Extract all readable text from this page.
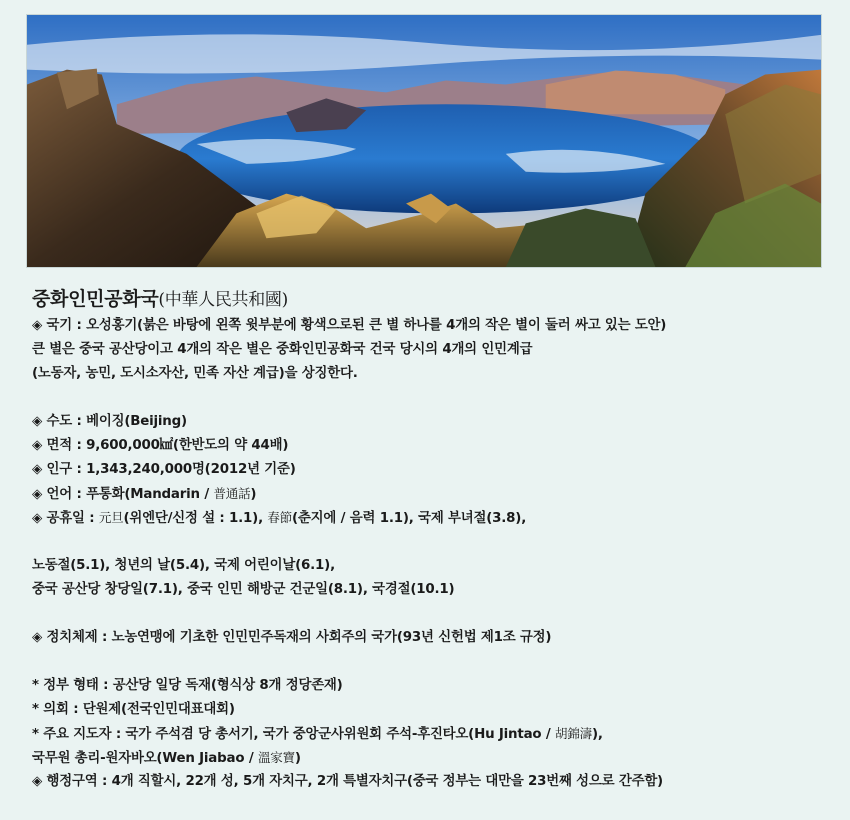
중화인민공화국(中華人民共和國)
◈ 국기 : 오성홍기(붉은 바탕에 왼쪽 윗부분에 황색으로된 큰 별 하나를 4개의 작은 별이 둘러 싸고 있는 도안)
큰 별은 중국 공산당이고 4개의 작은 별은 중화인민공화국 건국 당시의 4개의 인민계급
(노동자, 농민, 도시소자산, 민족 자산 계급)을 상징한다.
◈ 수도 : 베이징(Beijing)
◈ 면적 : 9,600,000㎢(한반도의 약 44배)
◈ 인구 : 1,343,240,000명(2012년 기준)
◈ 언어 : 푸통화(Mandarin / 普通話)
◈ 공휴일 : 元旦(위엔단/신정 설 : 1.1), 春節(춘지에 / 음력 1.1), 국제 부녀절(3.8),
노동절(5.1), 청년의 날(5.4), 국제 어린이날(6.1),
중국 공산당 창당일(7.1), 중국 인민 해방군 건군일(8.1), 국경절(10.1)
◈ 정치체제 : 노농연맹에 기초한 인민민주독재의 사회주의 국가(93년 신헌법 제1조 규정)
* 정부 형태 : 공산당 일당 독재(형식상 8개 정당존재)
* 의회 : 단원제(전국인민대표대회)
* 주요 지도자 : 국가 주석겸 당 총서기, 국가 중앙군사위원회 주석-후진타오(Hu Jintao / 胡錦濤),
국무원 총리-원자바오(Wen Jiabao / 溫家寶)
◈ 행정구역 : 4개 직할시, 22개 성, 5개 자치구, 2개 특별자치구(중국 정부는 대만을 23번째 성으로 간주함)
